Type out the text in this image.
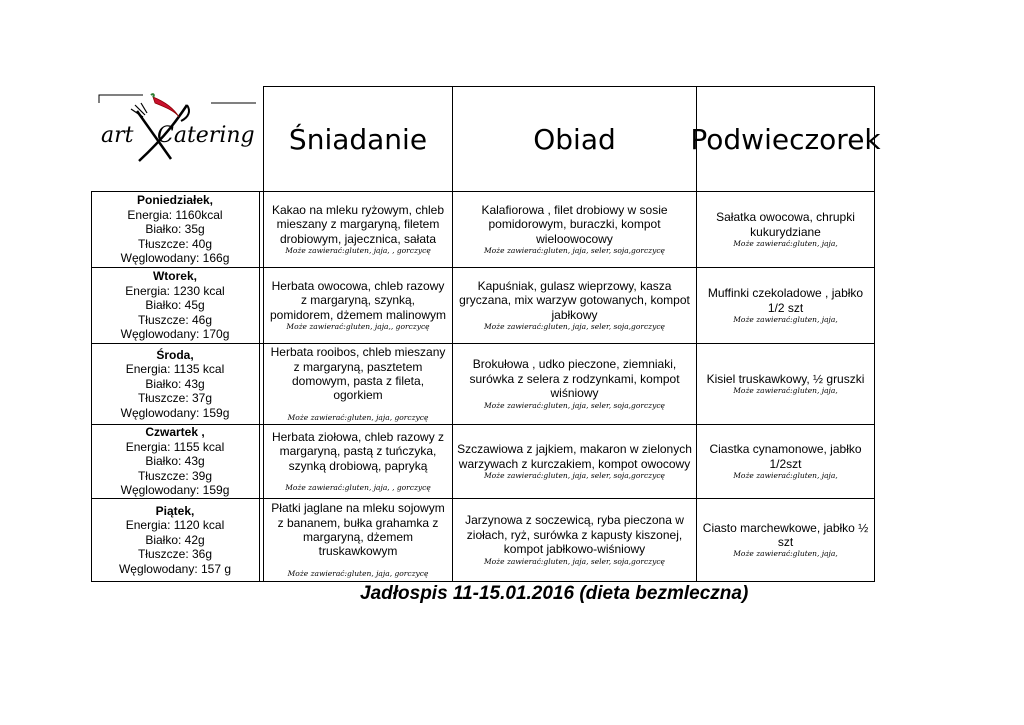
art Catering Śniadanie	Obiad	Podwieczorek
Poniedziałek,
Energia: 1160kcal
Białko: 35g
Tłuszcze: 40g
Węglowodany: 166g
Kakao na mleku ryżowym, chleb mieszany z margaryną, filetem drobiowym, jajecznica, sałata
Może zawierać:gluten, jaja, , gorczycę
Kalafiorowa , filet drobiowy w sosie pomidorowym, buraczki, kompot wieloowocowy
Może zawierać:gluten, jaja, seler, soja,gorczycę
Sałatka owocowa, chrupki kukurydziane
Może zawierać:gluten, jaja,
Wtorek,
Energia: 1230 kcal
Białko: 45g
Tłuszcze: 46g
Węglowodany: 170g
Herbata owocowa, chleb razowy z margaryną, szynką, pomidorem, dżemem malinowym
Może zawierać:gluten, jaja,, gorczycę
Kapuśniak, gulasz wieprzowy, kasza gryczana, mix warzyw gotowanych, kompot jabłkowy
Może zawierać:gluten, jaja, seler, soja,gorczycę
Muffinki czekoladowe , jabłko 1/2 szt
Może zawierać:gluten, jaja,
Środa,
Energia: 1135 kcal
Białko: 43g
Tłuszcze: 37g
Węglowodany: 159g
Herbata rooibos, chleb mieszany z margaryną, pasztetem domowym, pasta z fileta, ogorkiem
Może zawierać:gluten, jaja, gorczycę
Brokułowa , udko pieczone, ziemniaki, surówka z selera z rodzynkami, kompot wiśniowy
Może zawierać:gluten, jaja, seler, soja,gorczycę
Kisiel truskawkowy, ½ gruszki
Może zawierać:gluten, jaja,
Czwartek ,
Energia: 1155 kcal
Białko: 43g
Tłuszcze: 39g
Węglowodany: 159g
Herbata ziołowa, chleb razowy z margaryną, pastą z tuńczyka, szynką drobiową, papryką
Może zawierać:gluten, jaja, , gorczycę
Szczawiowa z jajkiem, makaron w zielonych warzywach z kurczakiem, kompot owocowy
Może zawierać:gluten, jaja, seler, soja,gorczycę
Ciastka cynamonowe, jabłko 1/2szt
Może zawierać:gluten, jaja,
Piątek,
Energia: 1120 kcal
Białko: 42g
Tłuszcze: 36g
Węglowodany: 157 g
Płatki jaglane na mleku sojowym z bananem, bułka grahamka z margaryną, dżemem truskawkowym
Może zawierać:gluten, jaja, gorczycę
Jarzynowa z soczewicą, ryba pieczona w ziołach, ryż, surówka z kapusty kiszonej, kompot jabłkowo-wiśniowy
Może zawierać:gluten, jaja, seler, soja,gorczycę
Ciasto marchewkowe, jabłko ½ szt
Może zawierać:gluten, jaja,
Jadłospis 11-15.01.2016 (dieta bezmleczna)
